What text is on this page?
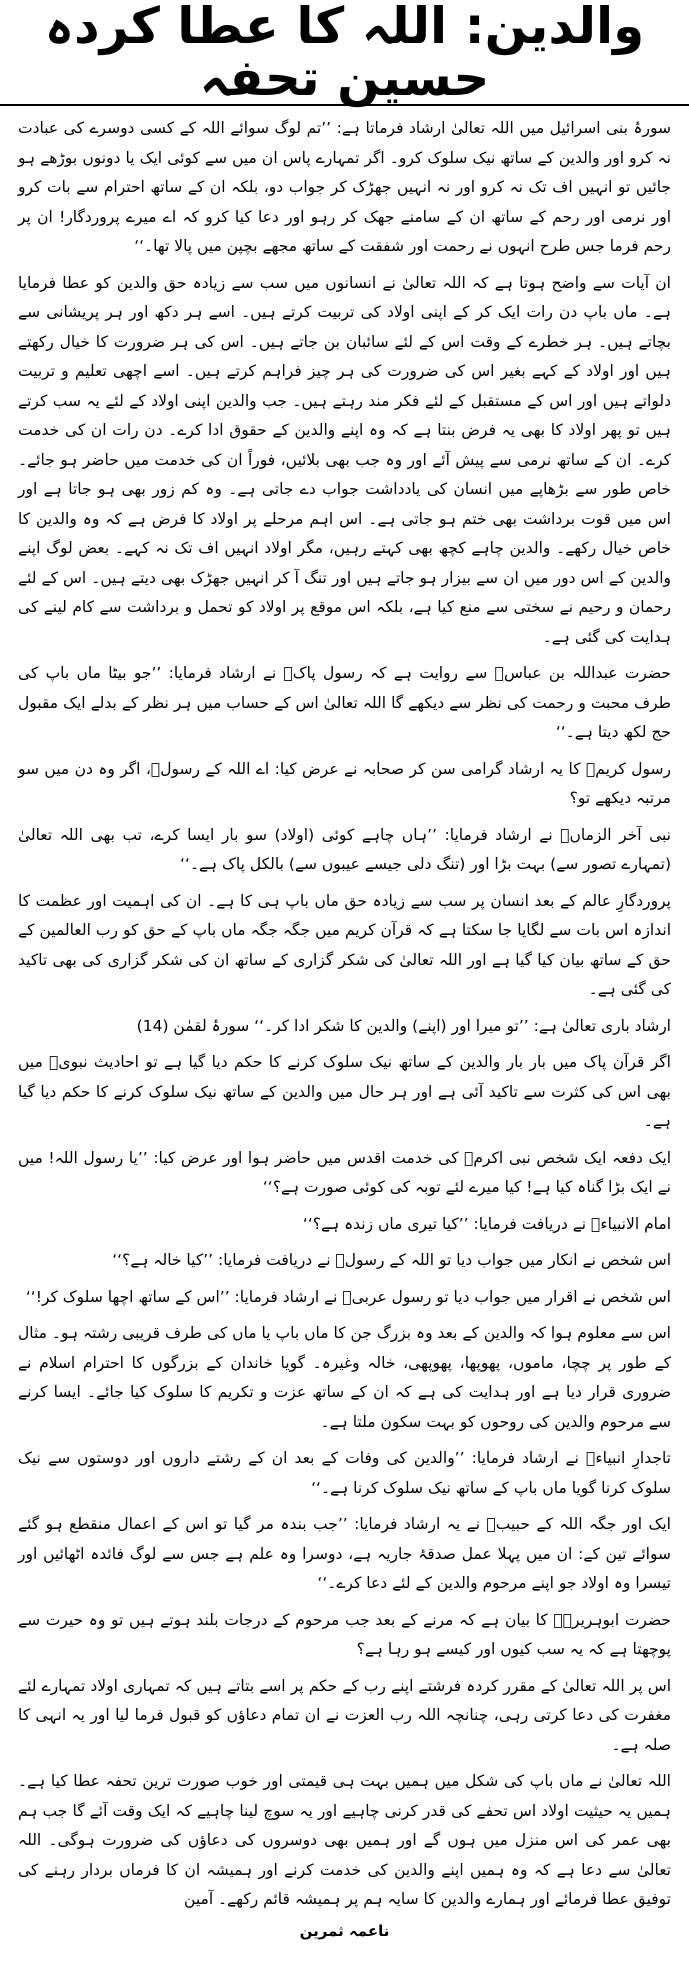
والدین: اللہ کا عطا کردہ حسین تحفہ

سورۂ بنی اسرائیل میں اللہ تعالیٰ ارشاد فرماتا ہے: ’’تم لوگ سوائے اللہ کے کسی دوسرے کی عبادت نہ کرو اور والدین کے ساتھ نیک سلوک کرو۔ اگر تمہارے پاس ان میں سے کوئی ایک یا دونوں بوڑھے ہو جائیں تو انہیں اف تک نہ کرو اور نہ انہیں جھڑک کر جواب دو، بلکہ ان کے ساتھ احترام سے بات کرو اور نرمی اور رحم کے ساتھ ان کے سامنے جھک کر رہو اور دعا کیا کرو کہ اے میرے پروردگار! ان پر رحم فرما جس طرح انہوں نے رحمت اور شفقت کے ساتھ مجھے بچپن میں پالا تھا۔‘‘

ان آیات سے واضح ہوتا ہے کہ اللہ تعالیٰ نے انسانوں میں سب سے زیادہ حق والدین کو عطا فرمایا ہے۔ ماں باپ دن رات ایک کر کے اپنی اولاد کی تربیت کرتے ہیں۔ اسے ہر دکھ اور ہر پریشانی سے بچاتے ہیں۔ ہر خطرے کے وقت اس کے لئے سائبان بن جاتے ہیں۔ اس کی ہر ضرورت کا خیال رکھتے ہیں اور اولاد کے کہے بغیر اس کی ضرورت کی ہر چیز فراہم کرتے ہیں۔ اسے اچھی تعلیم و تربیت دلواتے ہیں اور اس کے مستقبل کے لئے فکر مند رہتے ہیں۔ جب والدین اپنی اولاد کے لئے یہ سب کرتے ہیں تو پھر اولاد کا بھی یہ فرض بنتا ہے کہ وہ اپنے والدین کے حقوق ادا کرے۔ دن رات ان کی خدمت کرے۔ ان کے ساتھ نرمی سے پیش آئے اور وہ جب بھی بلائیں، فوراً ان کی خدمت میں حاضر ہو جائے۔ خاص طور سے بڑھاپے میں انسان کی یادداشت جواب دے جاتی ہے۔ وہ کم زور بھی ہو جاتا ہے اور اس میں قوت برداشت بھی ختم ہو جاتی ہے۔ اس اہم مرحلے پر اولاد کا فرض ہے کہ وہ والدین کا خاص خیال رکھے۔ والدین چاہے کچھ بھی کہتے رہیں، مگر اولاد انہیں اف تک نہ کہے۔ بعض لوگ اپنے والدین کے اس دور میں ان سے بیزار ہو جاتے ہیں اور تنگ آ کر انہیں جھڑک بھی دیتے ہیں۔ اس کے لئے رحمان و رحیم نے سختی سے منع کیا ہے، بلکہ اس موقع پر اولاد کو تحمل و برداشت سے کام لینے کی ہدایت کی گئی ہے۔

حضرت عبداللہ بن عباسؓ سے روایت ہے کہ رسول پاکؐ نے ارشاد فرمایا: ’’جو بیٹا ماں باپ کی طرف محبت و رحمت کی نظر سے دیکھے گا اللہ تعالیٰ اس کے حساب میں ہر نظر کے بدلے ایک مقبول حج لکھ دیتا ہے۔‘‘

رسول کریمؐ کا یہ ارشاد گرامی سن کر صحابہ نے عرض کیا: اے اللہ کے رسولؐ، اگر وہ دن میں سو مرتبہ دیکھے تو؟

نبی آخر الزماںؐ نے ارشاد فرمایا: ’’ہاں چاہے کوئی (اولاد) سو بار ایسا کرے، تب بھی اللہ تعالیٰ (تمہارے تصور سے) بہت بڑا اور (تنگ دلی جیسے عیبوں سے) بالکل پاک ہے۔‘‘

پروردگارِ عالم کے بعد انسان پر سب سے زیادہ حق ماں باپ ہی کا ہے۔ ان کی اہمیت اور عظمت کا اندازہ اس بات سے لگایا جا سکتا ہے کہ قرآن کریم میں جگہ جگہ ماں باپ کے حق کو رب العالمین کے حق کے ساتھ بیان کیا گیا ہے اور اللہ تعالیٰ کی شکر گزاری کے ساتھ ان کی شکر گزاری کی بھی تاکید کی گئی ہے۔

ارشاد باری تعالیٰ ہے: ’’تو میرا اور (اپنے) والدین کا شکر ادا کر۔‘‘ سورۂ لقمٰن (14)

اگر قرآن پاک میں بار بار والدین کے ساتھ نیک سلوک کرنے کا حکم دیا گیا ہے تو احادیث نبویؐ میں بھی اس کی کثرت سے تاکید آئی ہے اور ہر حال میں والدین کے ساتھ نیک سلوک کرنے کا حکم دیا گیا ہے۔

ایک دفعہ ایک شخص نبی اکرمؐ کی خدمت اقدس میں حاضر ہوا اور عرض کیا: ’’یا رسول اللہ! میں نے ایک بڑا گناہ کیا ہے! کیا میرے لئے توبہ کی کوئی صورت ہے؟‘‘

امام الانبیاءؐ نے دریافت فرمایا: ’’کیا تیری ماں زندہ ہے؟‘‘

اس شخص نے انکار میں جواب دیا تو اللہ کے رسولؐ نے دریافت فرمایا: ’’کیا خالہ ہے؟‘‘

اس شخص نے اقرار میں جواب دیا تو رسول عربیؐ نے ارشاد فرمایا: ’’اس کے ساتھ اچھا سلوک کر!‘‘

اس سے معلوم ہوا کہ والدین کے بعد وہ بزرگ جن کا ماں باپ یا ماں کی طرف قریبی رشتہ ہو۔ مثال کے طور پر چچا، ماموں، پھوپھا، پھوپھی، خالہ وغیرہ۔ گویا خاندان کے بزرگوں کا احترام اسلام نے ضروری قرار دیا ہے اور ہدایت کی ہے کہ ان کے ساتھ عزت و تکریم کا سلوک کیا جائے۔ ایسا کرنے سے مرحوم والدین کی روحوں کو بہت سکون ملتا ہے۔

تاجدارِ انبیاءؐ نے ارشاد فرمایا: ’’والدین کی وفات کے بعد ان کے رشتے داروں اور دوستوں سے نیک سلوک کرنا گویا ماں باپ کے ساتھ نیک سلوک کرنا ہے۔‘‘

ایک اور جگہ اللہ کے حبیبؐ نے یہ ارشاد فرمایا: ’’جب بندہ مر گیا تو اس کے اعمال منقطع ہو گئے سوائے تین کے: ان میں پہلا عمل صدقۂ جاریہ ہے، دوسرا وہ علم ہے جس سے لوگ فائدہ اٹھائیں اور تیسرا وہ اولاد جو اپنے مرحوم والدین کے لئے دعا کرے۔‘‘

حضرت ابوہریرہؓ کا بیان ہے کہ مرنے کے بعد جب مرحوم کے درجات بلند ہوتے ہیں تو وہ حیرت سے پوچھتا ہے کہ یہ سب کیوں اور کیسے ہو رہا ہے؟

اس پر اللہ تعالیٰ کے مقرر کردہ فرشتے اپنے رب کے حکم پر اسے بتاتے ہیں کہ تمہاری اولاد تمہارے لئے مغفرت کی دعا کرتی رہی، چنانچہ اللہ رب العزت نے ان تمام دعاؤں کو قبول فرما لیا اور یہ انہی کا صلہ ہے۔

اللہ تعالیٰ نے ماں باپ کی شکل میں ہمیں بہت ہی قیمتی اور خوب صورت ترین تحفہ عطا کیا ہے۔ ہمیں یہ حیثیت اولاد اس تحفے کی قدر کرنی چاہیے اور یہ سوچ لینا چاہیے کہ ایک وقت آئے گا جب ہم بھی عمر کی اس منزل میں ہوں گے اور ہمیں بھی دوسروں کی دعاؤں کی ضرورت ہوگی۔ اللہ تعالیٰ سے دعا ہے کہ وہ ہمیں اپنے والدین کی خدمت کرنے اور ہمیشہ ان کا فرماں بردار رہنے کی توفیق عطا فرمائے اور ہمارے والدین کا سایہ ہم پر ہمیشہ قائم رکھے۔ آمین

ناعمہ ثمرین
